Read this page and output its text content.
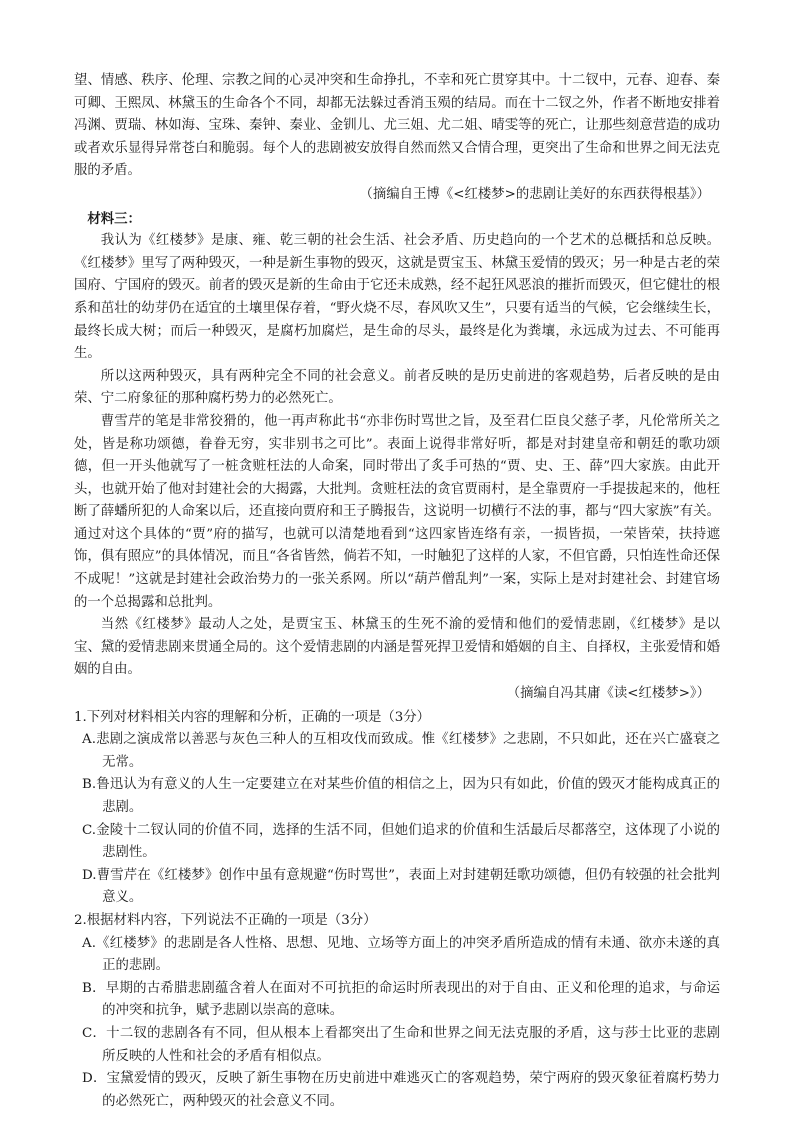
望、情感、秩序、伦理、宗教之间的心灵冲突和生命挣扎，不幸和死亡贯穿其中。十二钗中，元春、迎春、秦可卿、王熙凤、林黛玉的生命各个不同，却都无法躲过香消玉殒的结局。而在十二钗之外，作者不断地安排着冯渊、贾瑞、林如海、宝珠、秦钟、秦业、金钏儿、尤三姐、尤二姐、晴雯等的死亡，让那些刻意营造的成功或者欢乐显得异常苍白和脆弱。每个人的悲剧被安放得自然而然又合情合理，更突出了生命和世界之间无法克服的矛盾。

（摘编自王博《<红楼梦>的悲剧让美好的东西获得根基》）

材料三：

我认为《红楼梦》是康、雍、乾三朝的社会生活、社会矛盾、历史趋向的一个艺术的总概括和总反映。《红楼梦》里写了两种毁灭，一种是新生事物的毁灭，这就是贾宝玉、林黛玉爱情的毁灭；另一种是古老的荣国府、宁国府的毁灭。前者的毁灭是新的生命由于它还未成熟，经不起狂风恶浪的摧折而毁灭，但它健壮的根系和茁壮的幼芽仍在适宜的土壤里保存着，“野火烧不尽，春风吹又生”，只要有适当的气候，它会继续生长，最终长成大树；而后一种毁灭，是腐朽加腐烂，是生命的尽头，最终是化为粪壤，永远成为过去、不可能再生。

所以这两种毁灭，具有两种完全不同的社会意义。前者反映的是历史前进的客观趋势，后者反映的是由荣、宁二府象征的那种腐朽势力的必然死亡。

曹雪芹的笔是非常狡猾的，他一再声称此书“亦非伤时骂世之旨，及至君仁臣良父慈子孝，凡伦常所关之处，皆是称功颂德，眷眷无穷，实非别书之可比”。表面上说得非常好听，都是对封建皇帝和朝廷的歌功颂德，但一开头他就写了一桩贪赃枉法的人命案，同时带出了炙手可热的“贾、史、王、薛”四大家族。由此开头，也就开始了他对封建社会的大揭露，大批判。贪赃枉法的贪官贾雨村，是全靠贾府一手提拔起来的，他枉断了薛蟠所犯的人命案以后，还直接向贾府和王子腾报告，这说明一切横行不法的事，都与“四大家族”有关。通过对这个具体的“贾”府的描写，也就可以清楚地看到“这四家皆连络有亲，一损皆损，一荣皆荣，扶持遮饰，俱有照应”的具体情况，而且“各省皆然，倘若不知，一时触犯了这样的人家，不但官爵，只怕连性命还保不成呢！”这就是封建社会政治势力的一张关系网。所以“葫芦僧乱判”一案，实际上是对封建社会、封建官场的一个总揭露和总批判。

当然《红楼梦》最动人之处，是贾宝玉、林黛玉的生死不渝的爱情和他们的爱情悲剧，《红楼梦》是以宝、黛的爱情悲剧来贯通全局的。这个爱情悲剧的内涵是誓死捍卫爱情和婚姻的自主、自择权，主张爱情和婚姻的自由。

（摘编自冯其庸《读<红楼梦>》）

1.下列对材料相关内容的理解和分析，正确的一项是（3分）

A.悲剧之演成常以善恶与灰色三种人的互相攻伐而致成。惟《红楼梦》之悲剧，不只如此，还在兴亡盛衰之无常。

B.鲁迅认为有意义的人生一定要建立在对某些价值的相信之上，因为只有如此，价值的毁灭才能构成真正的悲剧。

C.金陵十二钗认同的价值不同，选择的生活不同，但她们追求的价值和生活最后尽都落空，这体现了小说的悲剧性。

D.曹雪芹在《红楼梦》创作中虽有意规避“伤时骂世”，表面上对封建朝廷歌功颂德，但仍有较强的社会批判意义。

2.根据材料内容，下列说法不正确的一项是（3分）

A.《红楼梦》的悲剧是各人性格、思想、见地、立场等方面上的冲突矛盾所造成的情有未通、欲亦未遂的真正的悲剧。

B．早期的古希腊悲剧蕴含着人在面对不可抗拒的命运时所表现出的对于自由、正义和伦理的追求，与命运的冲突和抗争，赋予悲剧以崇高的意味。

C．十二钗的悲剧各有不同，但从根本上看都突出了生命和世界之间无法克服的矛盾，这与莎士比亚的悲剧所反映的人性和社会的矛盾有相似点。

D．宝黛爱情的毁灭，反映了新生事物在历史前进中难逃灭亡的客观趋势，荣宁两府的毁灭象征着腐朽势力的必然死亡，两种毁灭的社会意义不同。
